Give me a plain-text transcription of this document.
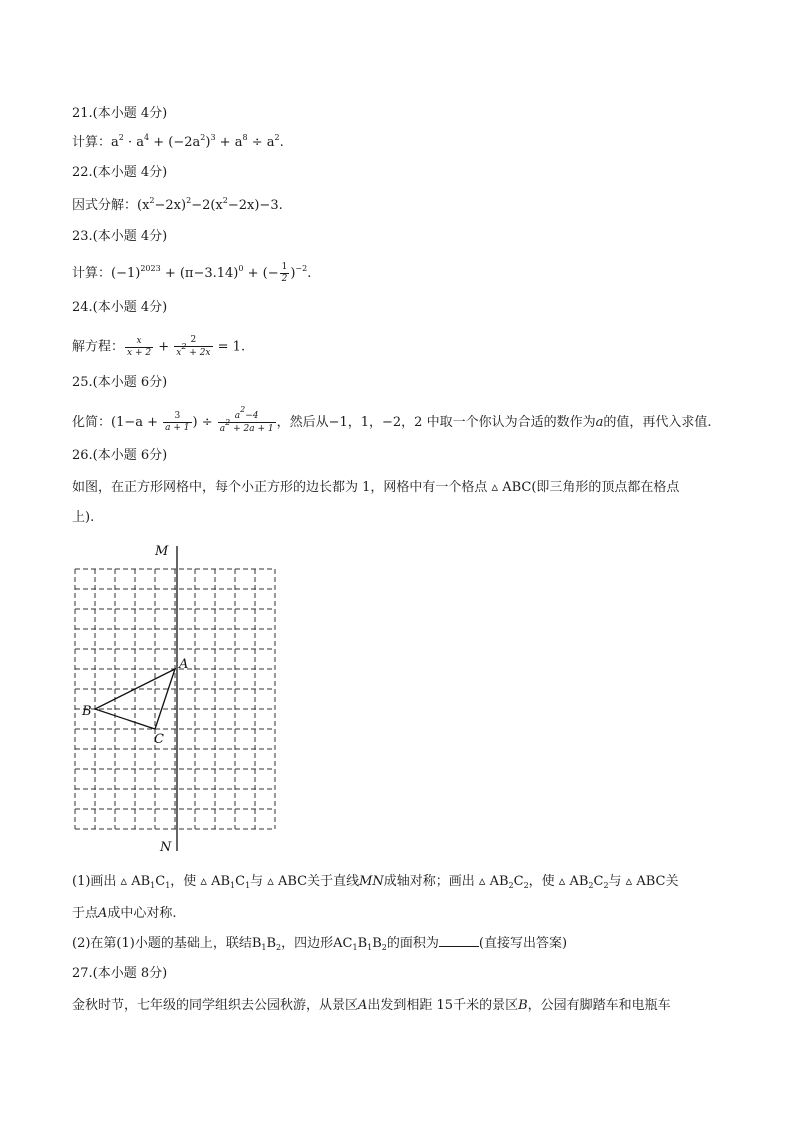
21.(本小题 4分)
计算：$a^2 \cdot a^4 + (-2a^2)^3 + a^8 \div a^2$.
22.(本小题 4分)
因式分解：$(x^2-2x)^2-2(x^2-2x)-3$.
23.(本小题 4分)
计算：$(-1)^{2023} + (\pi-3.14)^0$ + (− $\frac{1}{2} )^{-2}$.
24.(本小题 4分)
解方程： $\frac{x}{x + 2} + \frac{2}{x^2 + 2x} = 1$.
25.(本小题 6分)
化简：($1-a + \frac{3}{a + 1}$ ) ÷ $\frac{a^2-4}{a^2 + 2a + 1}$ ，然后从−1，1，−2，2 中取一个你认为合适的数作为a的值，再代入求值.
26.(本小题 6分)
如图，在正方形网格中，每个小正方形的边长都为 1，网格中有一个格点 ▵ ABC(即三角形的顶点都在格点
上).
M
N
A
B
C
(1)画出 ▵ $AB_1C_1$，使 ▵ $AB_1C_1$与 ▵ ABC关于直线MN成轴对称；画出 ▵ $AB_2C_2$，使 ▵ $AB_2C_2$与 ▵ ABC关
于点A成中心对称.
(2)在第(1)小题的基础上，联结$B_1B_2$，四边形$AC_1B_1B_2$的面积为	(直接写出答案)
27.(本小题 8分)
金秋时节，七年级的同学组织去公园秋游，从景区A出发到相距 15千米的景区B，公园有脚踏车和电瓶车
